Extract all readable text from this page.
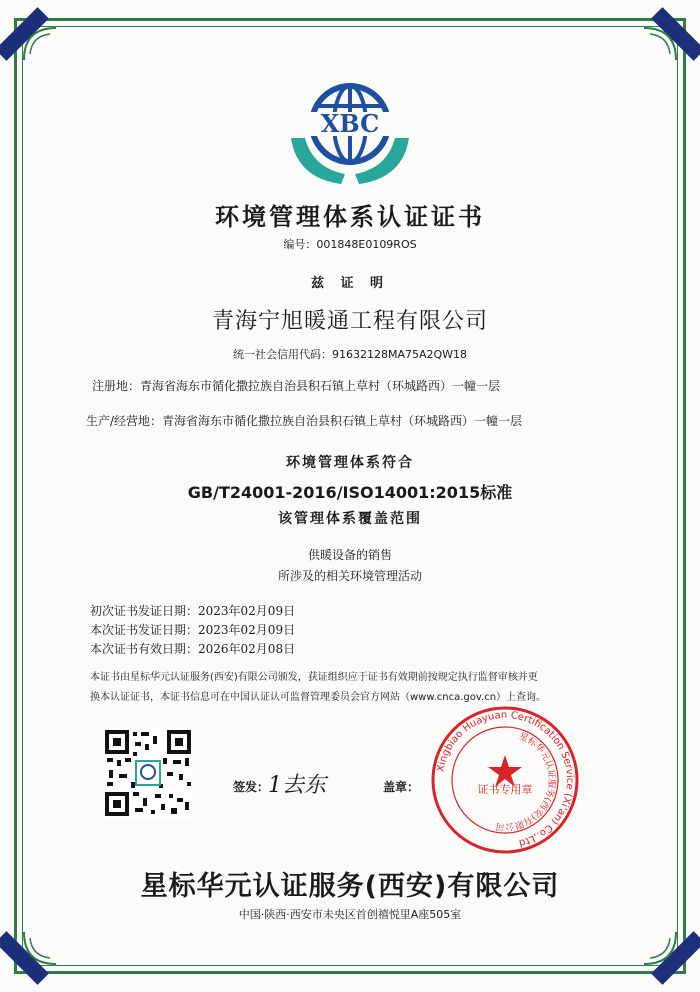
XBC
环境管理体系认证证书
编号：001848E0109ROS
兹 证 明
青海宁旭暖通工程有限公司
统一社会信用代码：91632128MA75A2QW18
注册地：青海省海东市循化撒拉族自治县积石镇上草村（环城路西）一幢一层
生产/经营地：青海省海东市循化撒拉族自治县积石镇上草村（环城路西）一幢一层
环境管理体系符合
GB/T24001-2016/ISO14001:2015标准
该管理体系覆盖范围
供暖设备的销售
所涉及的相关环境管理活动
初次证书发证日期：2023年02月09日
本次证书发证日期：2023年02月09日
本次证书有效日期：2026年02月08日
本证书由星标华元认证服务(西安)有限公司颁发，获证组织应于证书有效期前按规定执行监督审核并更
换本认证证书，本证书信息可在中国认证认可监督管理委员会官方网站（www.cnca.gov.cn）上查询。
签发：
1去东	盖章：
Xingbiao Huayuan Certification Service (Xi'an) Co.,Ltd
星标华元认证服务(西安)有限公司
证书专用章
星标华元认证服务(西安)有限公司
中国·陕西·西安市未央区首创禧悦里A座505室
